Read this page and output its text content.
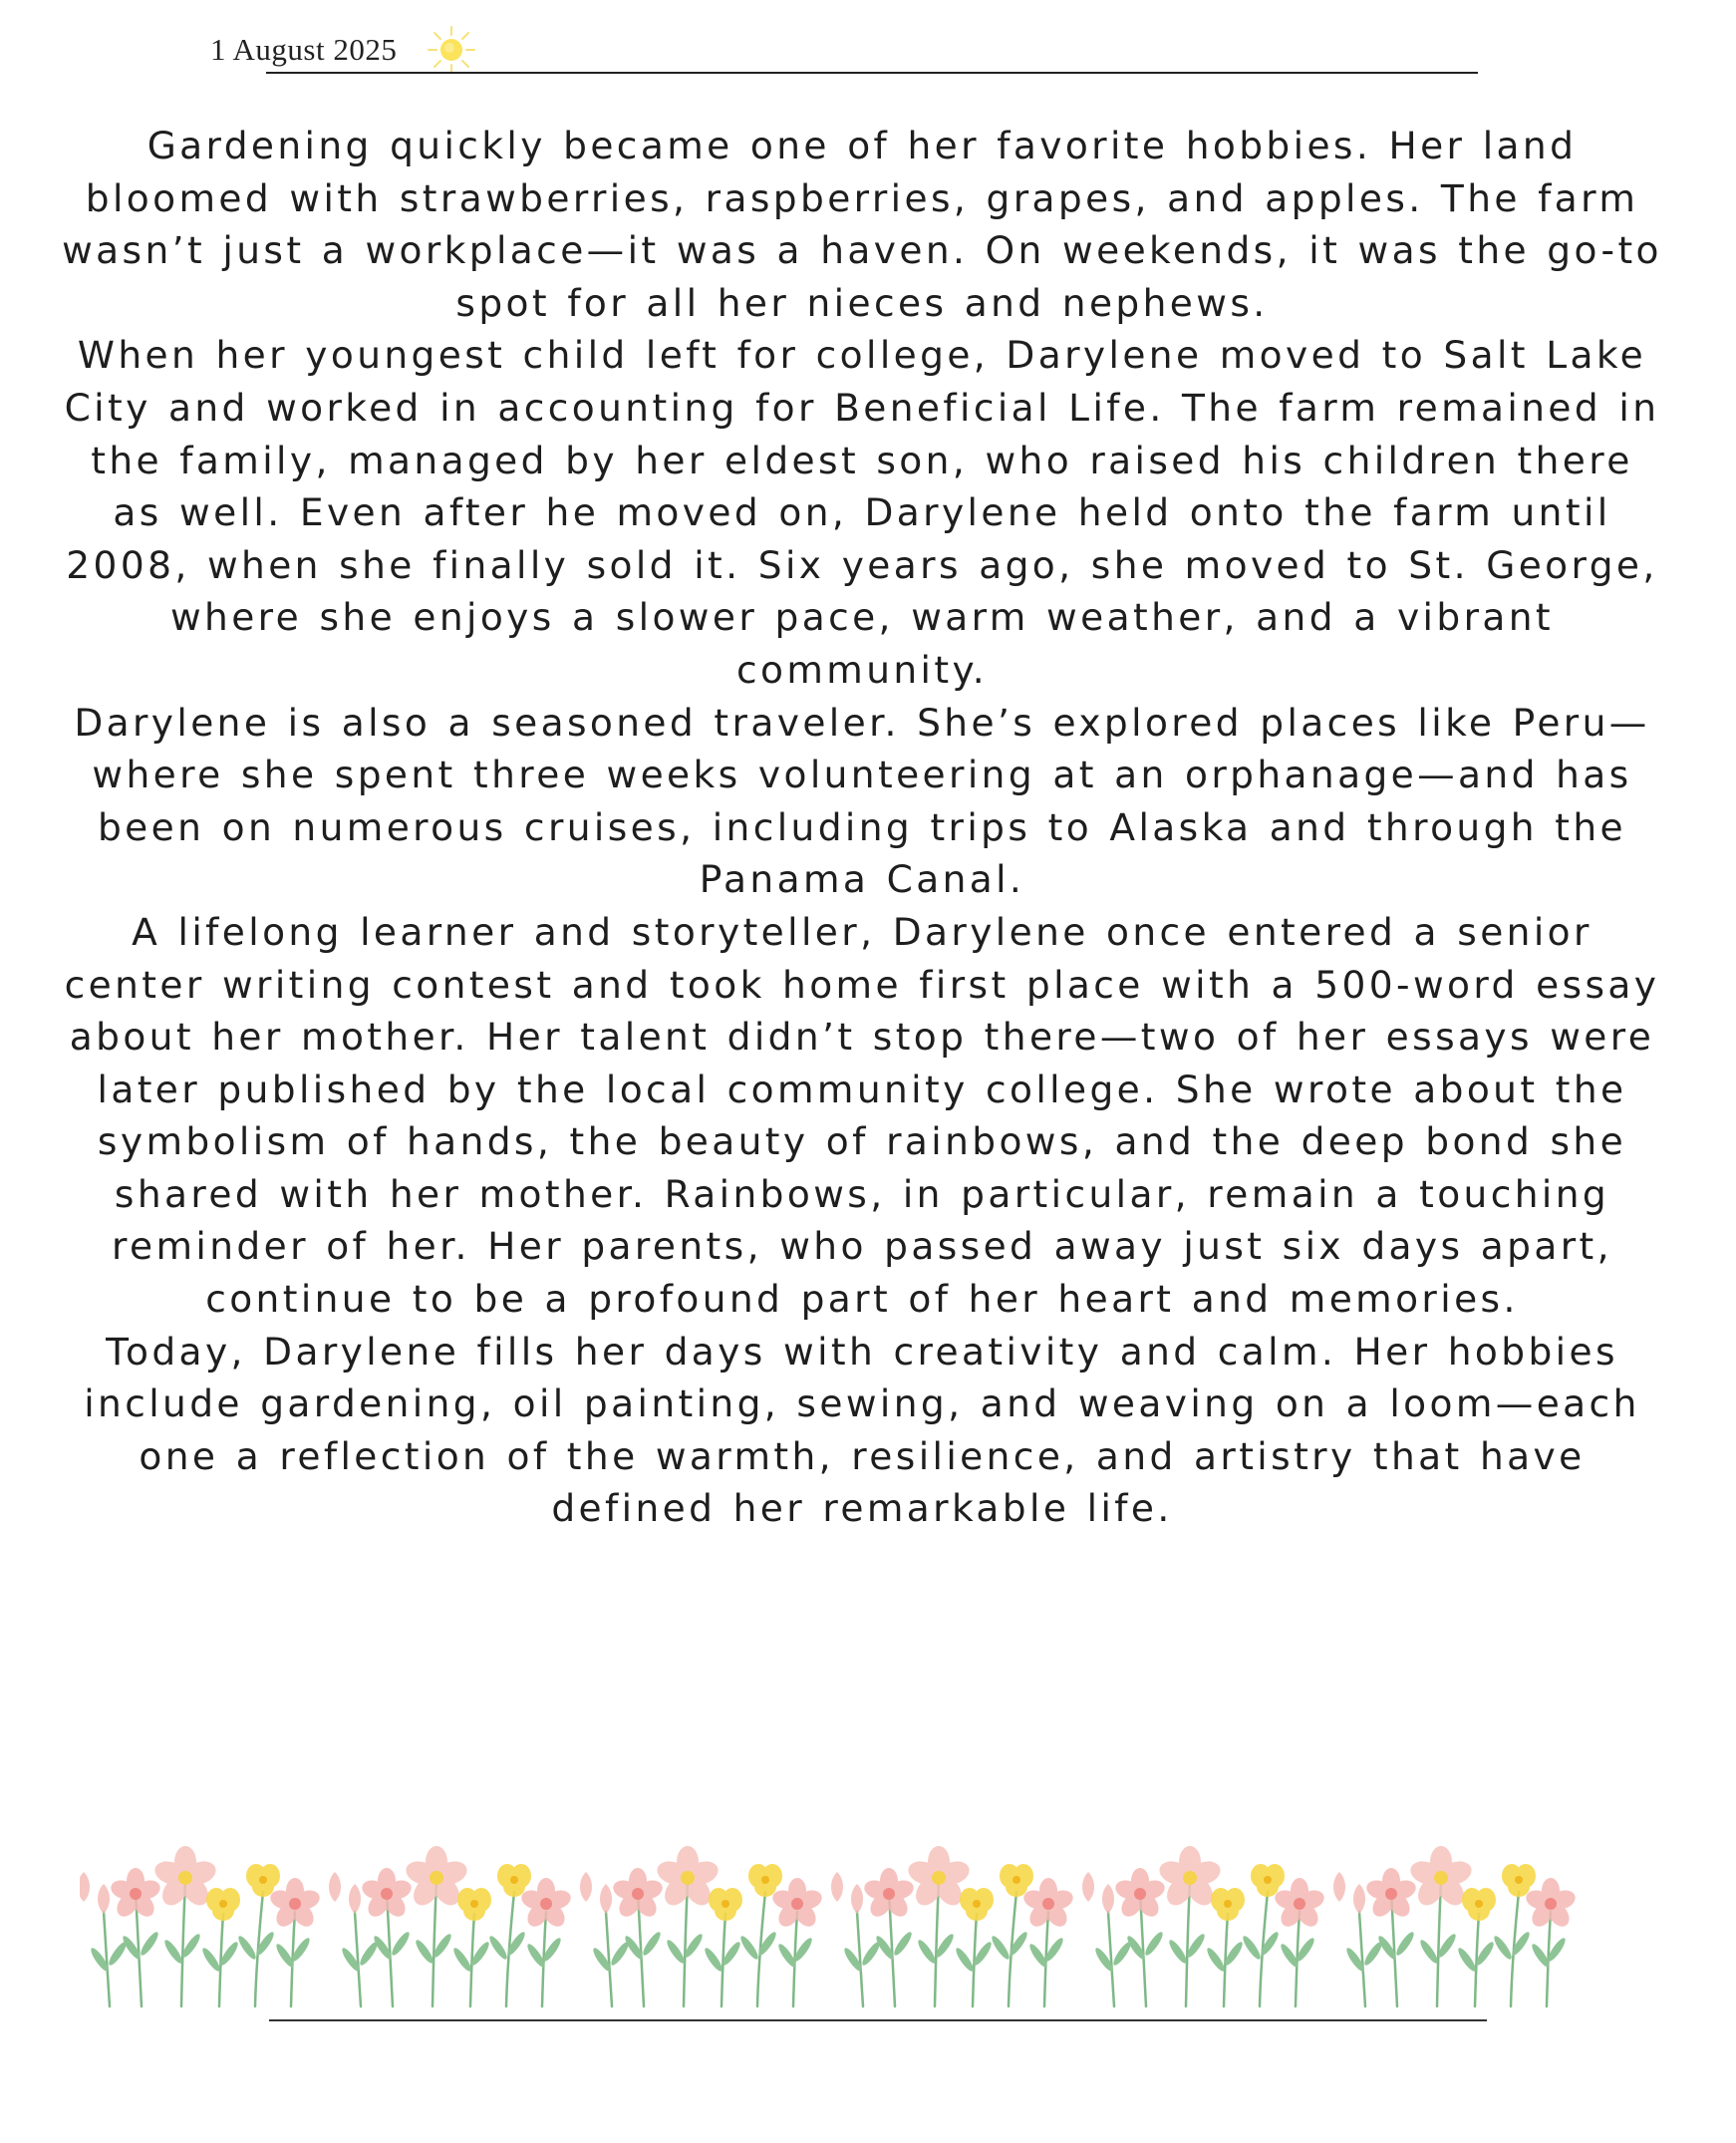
1 August 2025

Gardening quickly became one of her favorite hobbies. Her land bloomed with strawberries, raspberries, grapes, and apples. The farm wasn’t just a workplace—it was a haven. On weekends, it was the go-to spot for all her nieces and nephews.

When her youngest child left for college, Darylene moved to Salt Lake City and worked in accounting for Beneficial Life. The farm remained in the family, managed by her eldest son, who raised his children there as well. Even after he moved on, Darylene held onto the farm until 2008, when she finally sold it. Six years ago, she moved to St. George, where she enjoys a slower pace, warm weather, and a vibrant community.

Darylene is also a seasoned traveler. She’s explored places like Peru—where she spent three weeks volunteering at an orphanage—and has been on numerous cruises, including trips to Alaska and through the Panama Canal.

A lifelong learner and storyteller, Darylene once entered a senior center writing contest and took home first place with a 500-word essay about her mother. Her talent didn’t stop there—two of her essays were later published by the local community college. She wrote about the symbolism of hands, the beauty of rainbows, and the deep bond she shared with her mother. Rainbows, in particular, remain a touching reminder of her. Her parents, who passed away just six days apart, continue to be a profound part of her heart and memories.

Today, Darylene fills her days with creativity and calm. Her hobbies include gardening, oil painting, sewing, and weaving on a loom—each one a reflection of the warmth, resilience, and artistry that have defined her remarkable life.
